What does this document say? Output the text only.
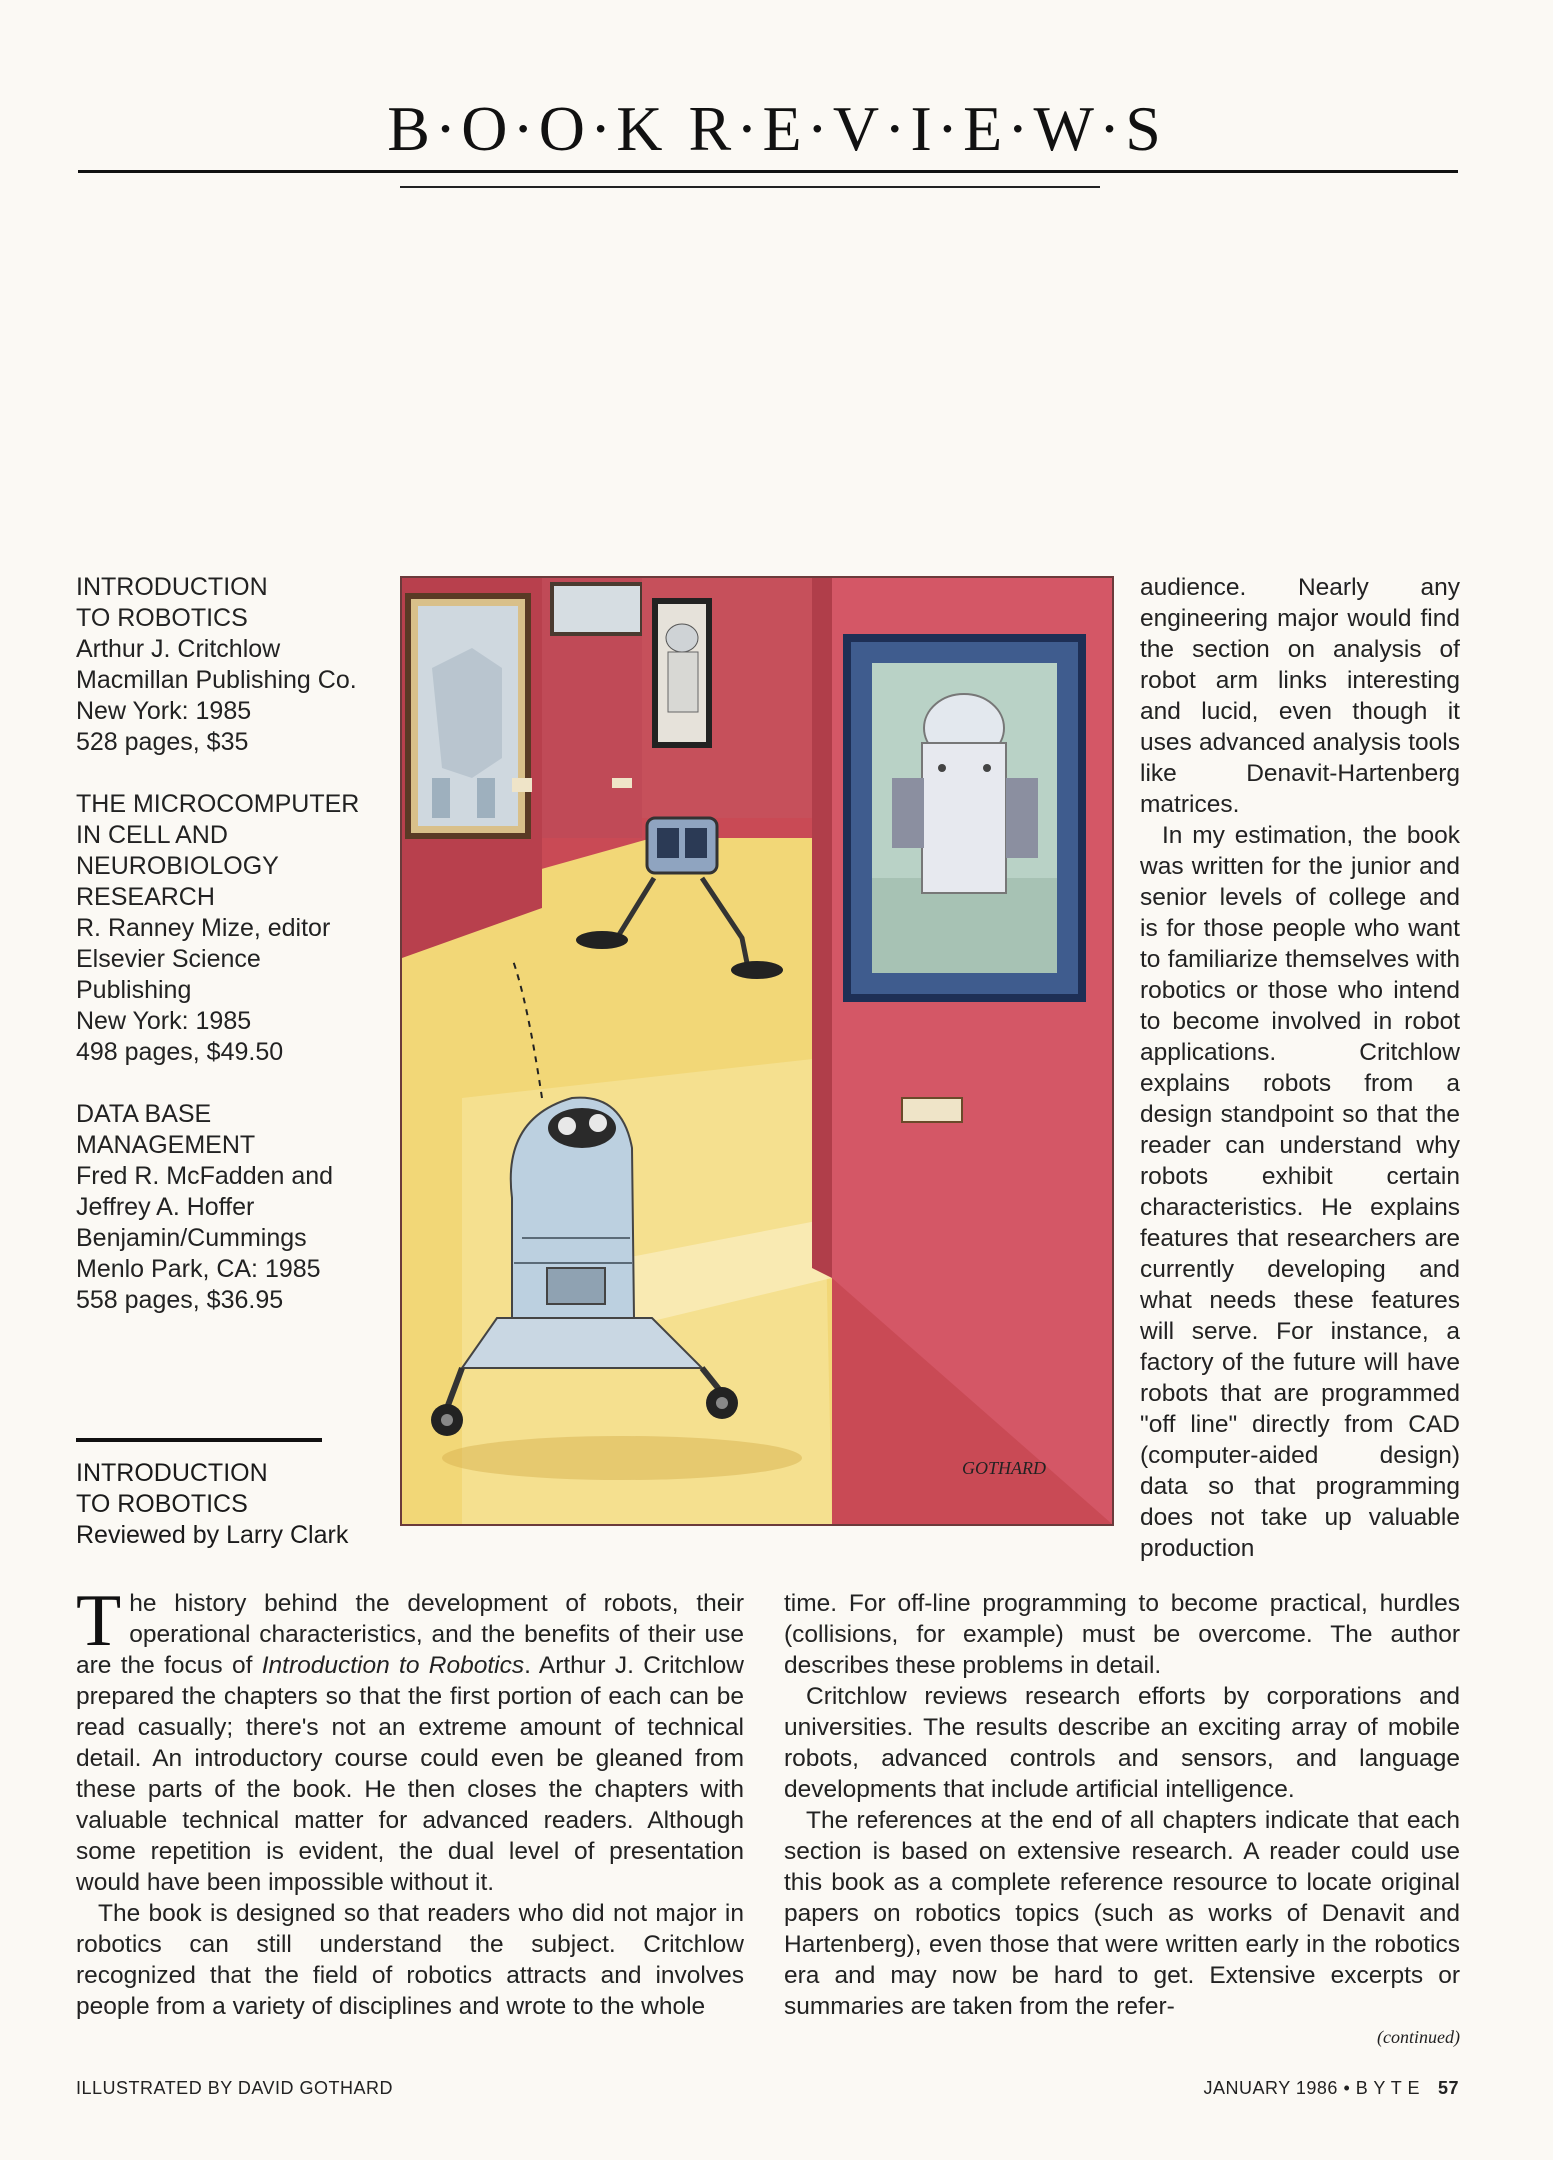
B·O·O·K R·E·V·I·E·W·S
INTRODUCTION
TO ROBOTICS
Arthur J. Critchlow
Macmillan Publishing Co.
New York: 1985
528 pages, $35
THE MICROCOMPUTER
IN CELL AND
NEUROBIOLOGY
RESEARCH
R. Ranney Mize, editor
Elsevier Science
Publishing
New York: 1985
498 pages, $49.50
DATA BASE
MANAGEMENT
Fred R. McFadden and
Jeffrey A. Hoffer
Benjamin/Cummings
Menlo Park, CA: 1985
558 pages, $36.95
INTRODUCTION
TO ROBOTICS
Reviewed by Larry Clark
GOTHARD

audience. Nearly any engineering major would find the section on analysis of robot arm links interesting and lucid, even though it uses advanced analysis tools like Denavit-Hartenberg matrices.

In my estimation, the book was written for the junior and senior levels of college and is for those people who want to familiarize themselves with robotics or those who intend to become involved in robot applications. Critchlow explains robots from a design standpoint so that the reader can understand why robots exhibit certain characteristics. He explains features that researchers are currently developing and what needs these features will serve. For instance, a factory of the future will have robots that are programmed "off line" directly from CAD (computer-aided design) data so that programming does not take up valuable production

The history behind the development of robots, their operational characteristics, and the benefits of their use are the focus of Introduction to Robotics. Arthur J. Critchlow prepared the chapters so that the first portion of each can be read casually; there's not an extreme amount of technical detail. An introductory course could even be gleaned from these parts of the book. He then closes the chapters with valuable technical matter for advanced readers. Although some repetition is evident, the dual level of presentation would have been impossible without it.

The book is designed so that readers who did not major in robotics can still understand the subject. Critchlow recognized that the field of robotics attracts and involves people from a variety of disciplines and wrote to the whole

time. For off-line programming to become practical, hurdles (collisions, for example) must be overcome. The author describes these problems in detail.

Critchlow reviews research efforts by corporations and universities. The results describe an exciting array of mobile robots, advanced controls and sensors, and language developments that include artificial intelligence.

The references at the end of all chapters indicate that each section is based on extensive research. A reader could use this book as a complete reference resource to locate original papers on robotics topics (such as works of Denavit and Hartenberg), even those that were written early in the robotics era and may now be hard to get. Extensive excerpts or summaries are taken from the refer-

(continued)
ILLUSTRATED BY DAVID GOTHARD	JANUARY 1986 • B Y T E 57
